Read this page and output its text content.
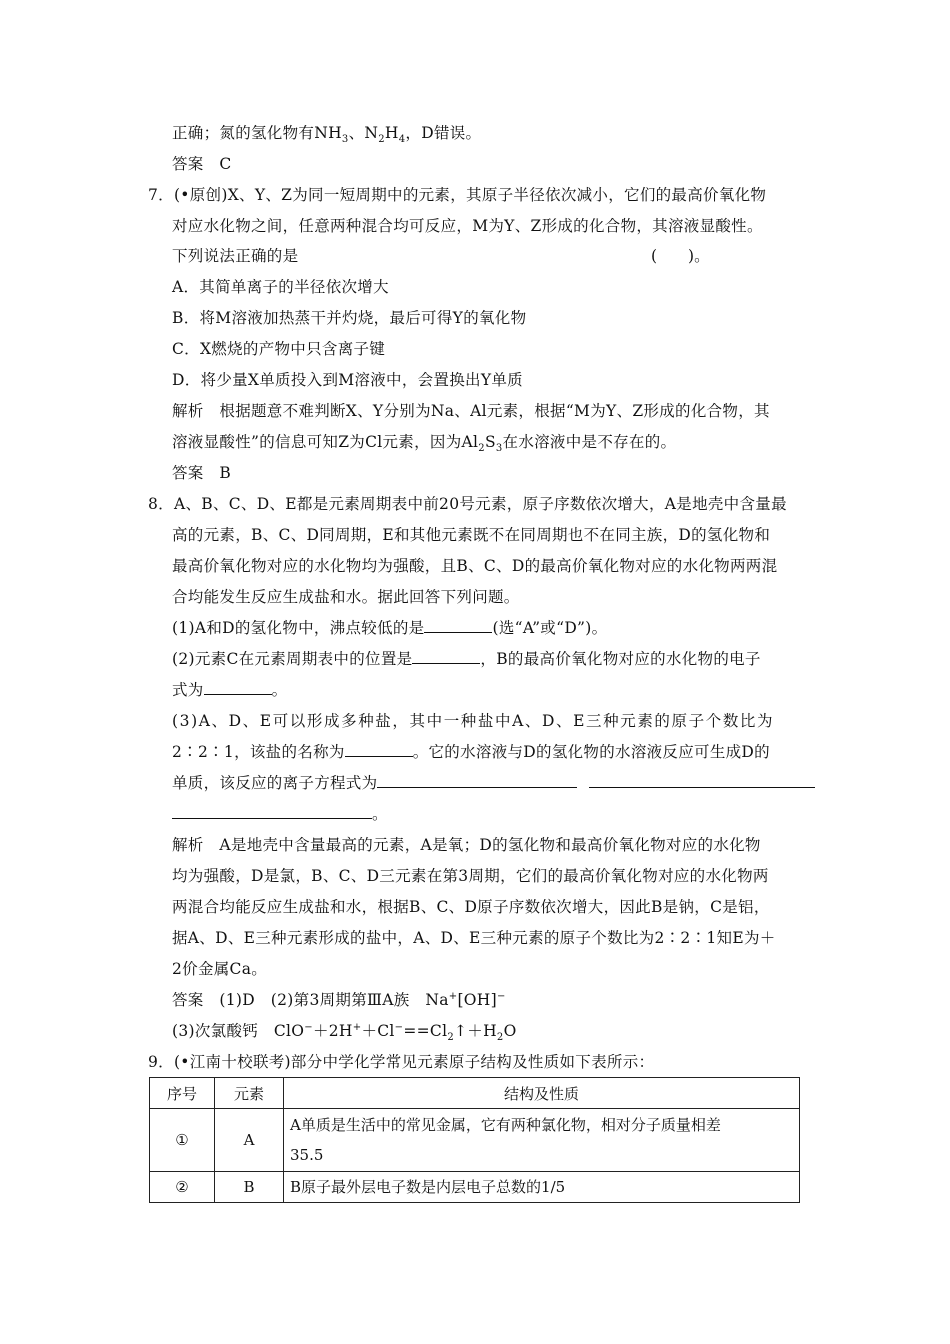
正确；氮的氢化物有$NH_3$、$N_2H_4$，D错误。
答案　C
7．(•原创)X、Y、Z为同一短周期中的元素，其原子半径依次减小，它们的最高价氧化物
对应水化物之间，任意两种混合均可反应，M为Y、Z形成的化合物，其溶液显酸性。
下列说法正确的是	(　　)。
A．其简单离子的半径依次增大
B．将M溶液加热蒸干并灼烧，最后可得Y的氧化物
C．X燃烧的产物中只含离子键
D．将少量X单质投入到M溶液中，会置换出Y单质
解析　根据题意不难判断X、Y分别为Na、Al元素，根据“M为Y、Z形成的化合物，其
溶液显酸性”的信息可知Z为Cl元素，因为$Al_2S_3$在水溶液中是不存在的。
答案　B
8．A、B、C、D、E都是元素周期表中前20号元素，原子序数依次增大，A是地壳中含量最
高的元素，B、C、D同周期，E和其他元素既不在同周期也不在同主族，D的氢化物和
最高价氧化物对应的水化物均为强酸，且B、C、D的最高价氧化物对应的水化物两两混
合均能发生反应生成盐和水。据此回答下列问题。
(1)A和D的氢化物中，沸点较低的是	(选“A”或“D”)。
(2)元素C在元素周期表中的位置是	，B的最高价氧化物对应的水化物的电子
式为	。
(3)A、D、E可以形成多种盐，其中一种盐中A、D、E三种元素的原子个数比为
2∶2∶1，该盐的名称为	。它的水溶液与D的氢化物的水溶液反应可生成D的
单质，该反应的离子方程式为
。
解析　A是地壳中含量最高的元素，A是氧；D的氢化物和最高价氧化物对应的水化物
均为强酸，D是氯，B、C、D三元素在第3周期，它们的最高价氧化物对应的水化物两
两混合均能反应生成盐和水，根据B、C、D原子序数依次增大，因此B是钠，C是铝，
据A、D、E三种元素形成的盐中，A、D、E三种元素的原子个数比为2∶2∶1知E为＋
2价金属Ca。
答案　(1)D　(2)第3周期第ⅢA族　Na+[OH]−
(3)次氯酸钙　$ClO^-+2H^++Cl^-==Cl_2↑+H_2O$
9．(•江南十校联考)部分中学化学常见元素原子结构及性质如下表所示：
序号	元素	结构及性质
①	A	A单质是生活中的常见金属，它有两种氯化物，相对分子质量相差
35.5

②	B	B原子最外层电子数是内层电子总数的1/5
